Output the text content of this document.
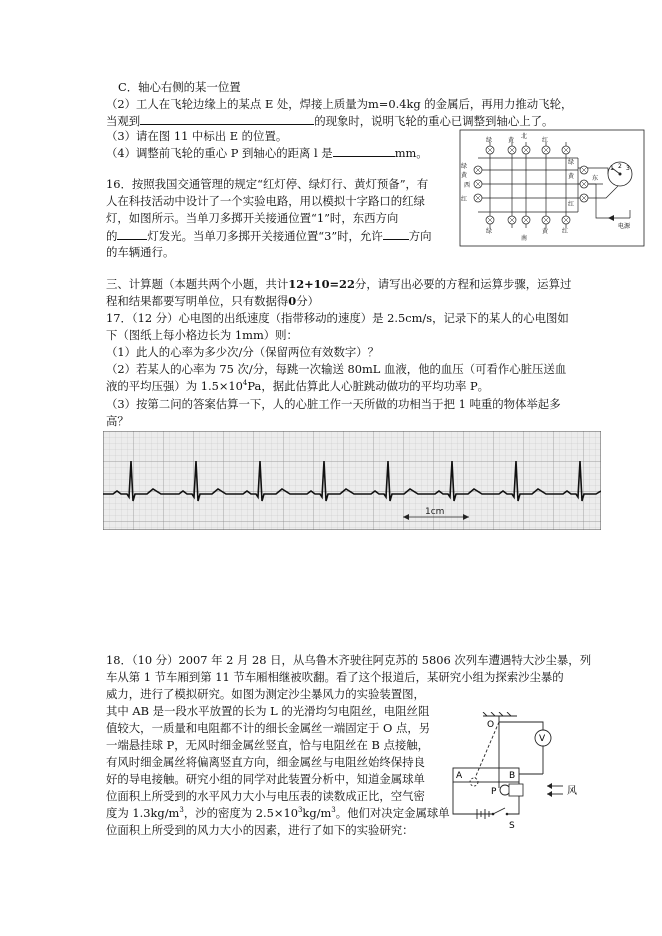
C．轴心右侧的某一位置
（2）工人在飞轮边缘上的某点 E 处，焊接上质量为m=0.4kg 的金属后，再用力推动飞轮，
当观到	的现象时，说明飞轮的重心已调整到轴心上了。
（3）请在图 11 中标出 E 的位置。
（4）调整前飞轮的重心 P 到轴心的距离 l 是	mm。
16．按照我国交通管理的规定“红灯停、绿灯行、黄灯预备”，有
人在科技活动中设计了一个实验电路，用以模拟十字路口的红绿
灯，如图所示。当单刀多掷开关接通位置“1”时，东西方向
的	灯发光。当单刀多掷开关接通位置“3”时，允许 方向
的车辆通行。
三、计算题（本题共两个小题，共计12+10=22分，请写出必要的方程和运算步骤，运算过
程和结果都要写明单位，只有数据得0分）
17．（12 分）心电图的出纸速度（指带移动的速度）是 2.5cm/s，记录下的某人的心电图如
下（图纸上每小格边长为 1mm）则：
（1）此人的心率为多少次/分（保留两位有效数字）？
（2）若某人的心率为 75 次/分，每跳一次输送 80mL 血液，他的血压（可看作心脏压送血
液的平均压强）为 $1.5\times 10^4Pa$，据此估算此人心脏跳动做功的平均功率 P。
（3）按第二问的答案估算一下，人的心脏工作一天所做的功相当于把 1 吨重的物体举起多
高？
18．（10 分）2007 年 2 月 28 日，从乌鲁木齐驶往阿克苏的 5806 次列车遭遇特大沙尘暴，列
车从第 1 节车厢到第 11 节车厢相继被吹翻。看了这个报道后，某研究小组为探索沙尘暴的
威力，进行了模拟研究。如图为测定沙尘暴风力的实验装置图，
其中 AB 是一段水平放置的长为 L 的光滑均匀电阻丝，电阻丝阻
值较大，一质量和电阻都不计的细长金属丝一端固定于 O 点，另
一端悬挂球 P，无风时细金属丝竖直，恰与电阻丝在 B 点接触，
有风时细金属丝将偏离竖直方向，细金属丝与电阻丝始终保持良
好的导电接触。研究小组的同学对此装置分析中，知道金属球单
位面积上所受到的水平风力大小与电压表的读数成正比，空气密
度为 $1.3kg/m^3$，沙的密度为 $2.5\times 10^3kg/m^3$。他们对决定金属球单
位面积上所受到的风力大小的因素，进行了如下的实验研究：
北
南
西
东
绿	黄	红
绿
黄
红
绿
黄
红
绿	黄 红
1 2 3
电源
1cm
O
V
A	B
P
S
风
